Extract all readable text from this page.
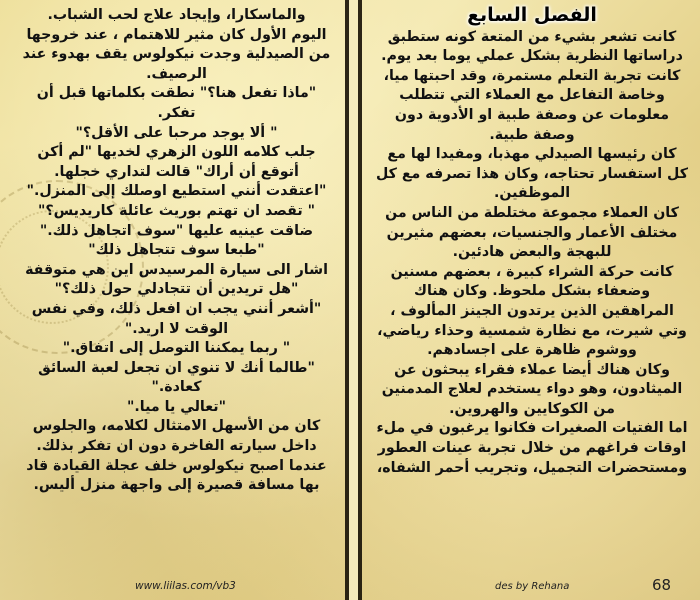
والماسكارا، وإيجاد علاج لحب الشباب.

اليوم الأول كان مثير للاهتمام ، عند خروجها من الصيدلية وجدت نيكولوس يقف بهدوء عند الرصيف.

"ماذا تفعل هنا؟" نطقت بكلماتها قبل أن تفكر.

" ألا يوجد مرحبا على الأقل؟"

جلب كلامه اللون الزهري لخديها "لم أكن أتوقع أن أراك" قالت لتداري خجلها.

"اعتقدت أنني استطيع اوصلك إلى المنزل."

" تقصد ان تهتم بوريث عائلة كاريديس؟"

ضاقت عينيه عليها "سوف اتجاهل ذلك."

"طبعا سوف تتجاهل ذلك"

اشار الى سيارة المرسيدس اين هي متوقفة "هل تريدين أن تتجادلي حول ذلك؟"

"أشعر أنني يجب ان افعل ذلك، وفي نفس الوقت لا اريد."

" ربما يمكننا التوصل إلى اتفاق."

"طالما أنك لا تنوي ان تجعل لعبة السائق كعادة."

"تعالي يا ميا."

كان من الأسهل الامتثال لكلامه، والجلوس داخل سيارته الفاخرة دون ان تفكر بذلك.

عندما اصبح نيكولوس خلف عجلة القيادة قاد بها مسافة قصيرة إلى واجهة منزل أليس.

الفصل السابع

كانت تشعر بشيء من المتعة كونه ستطبق دراساتها النظرية بشكل عملي يوما بعد يوم. كانت تجربة التعلم مستمرة، وقد احبتها ميا، وخاصة التفاعل مع العملاء التي تتطلب معلومات عن وصفة طبية او الأدوية دون وصفة طبية.

كان رئيسها الصيدلي مهذبا، ومفيدا لها مع كل استفسار تحتاجه، وكان هذا تصرفه مع كل الموظفين.

كان العملاء مجموعة مختلطة من الناس من مختلف الأعمار والجنسيات، بعضهم مثيرين للبهجة والبعض هادئين.

كانت حركة الشراء كبيرة ، بعضهم مسنين وضعفاء بشكل ملحوظ. وكان هناك المراهقين الذين يرتدون الجينز المألوف ، وتي شيرت، مع نظارة شمسية وحذاء رياضي، ووشوم ظاهرة على اجسادهم.

وكان هناك أيضا عملاء فقراء يبحثون عن الميثادون، وهو دواء يستخدم لعلاج المدمنين من الكوكايين والهروين.

اما الفتيات الصغيرات فكانوا يرغبون في ملء اوقات فراغهم من خلال تجربة عينات العطور ومستحضرات التجميل، وتجريب أحمر الشفاه،

www.liilas.com/vb3	des by Rehana	68
